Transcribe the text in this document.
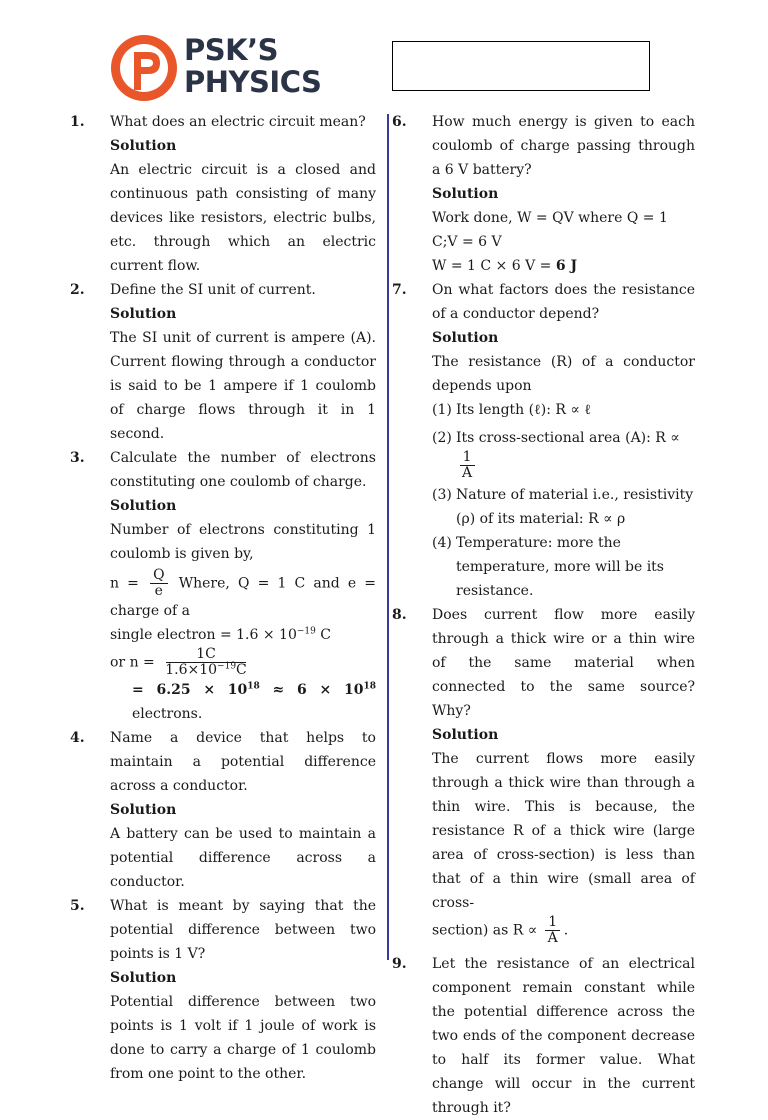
PSK’S
PHYSICS
1.	What does an electric circuit mean?
Solution
An electric circuit is a closed and continuous path consisting of many devices like resistors, electric bulbs, etc. through which an electric current flow.
2.	Define the SI unit of current.
Solution
The SI unit of current is ampere (A). Current flowing through a conductor is said to be 1 ampere if 1 coulomb of charge flows through it in 1 second.
3.	Calculate the number of electrons constituting one coulomb of charge.
Solution
Number of electrons constituting 1 coulomb is given by,
$n = \frac{Q}{e}$ Where, Q = 1 C and e = charge of a
single electron = $1.6 \times 10^{-19}$ C
or $n = \frac{1C}{1.6\times 10^{-19}C}$
= $6.25 \times 10^{18} \approx 6 \times 10^{18}$ electrons.
4.	Name a device that helps to maintain a potential difference across a conductor.
Solution
A battery can be used to maintain a potential difference across a conductor.
5.	What is meant by saying that the potential difference between two points is 1 V?
Solution
Potential difference between two points is 1 volt if 1 joule of work is done to carry a charge of 1 coulomb from one point to the other.
6.	How much energy is given to each coulomb of charge passing through a 6 V battery?
Solution
Work done, W = QV where Q = 1 C;V = 6 V
W = 1 C × 6 V = 6 J
7.	On what factors does the resistance of a conductor depend?
Solution
The resistance (R) of a conductor depends upon
(1) Its length (ℓ): R ∝ ℓ
(2) Its cross-sectional area (A): R ∝
$\frac{1}{A}$
(3) Nature of material i.e., resistivity (ρ) of its material: R ∝ ρ
(4) Temperature: more the temperature, more will be its resistance.
8.	Does current flow more easily through a thick wire or a thin wire of the same material when connected to the same source? Why?
Solution
The current flows more easily through a thick wire than through a thin wire. This is because, the resistance R of a thick wire (large area of cross-section) is less than that of a thin wire (small area of cross-
section) as $R \propto \frac{1}{A}$ .
9.	Let the resistance of an electrical component remain constant while the potential difference across the two ends of the component decrease to half its former value. What change will occur in the current through it?
